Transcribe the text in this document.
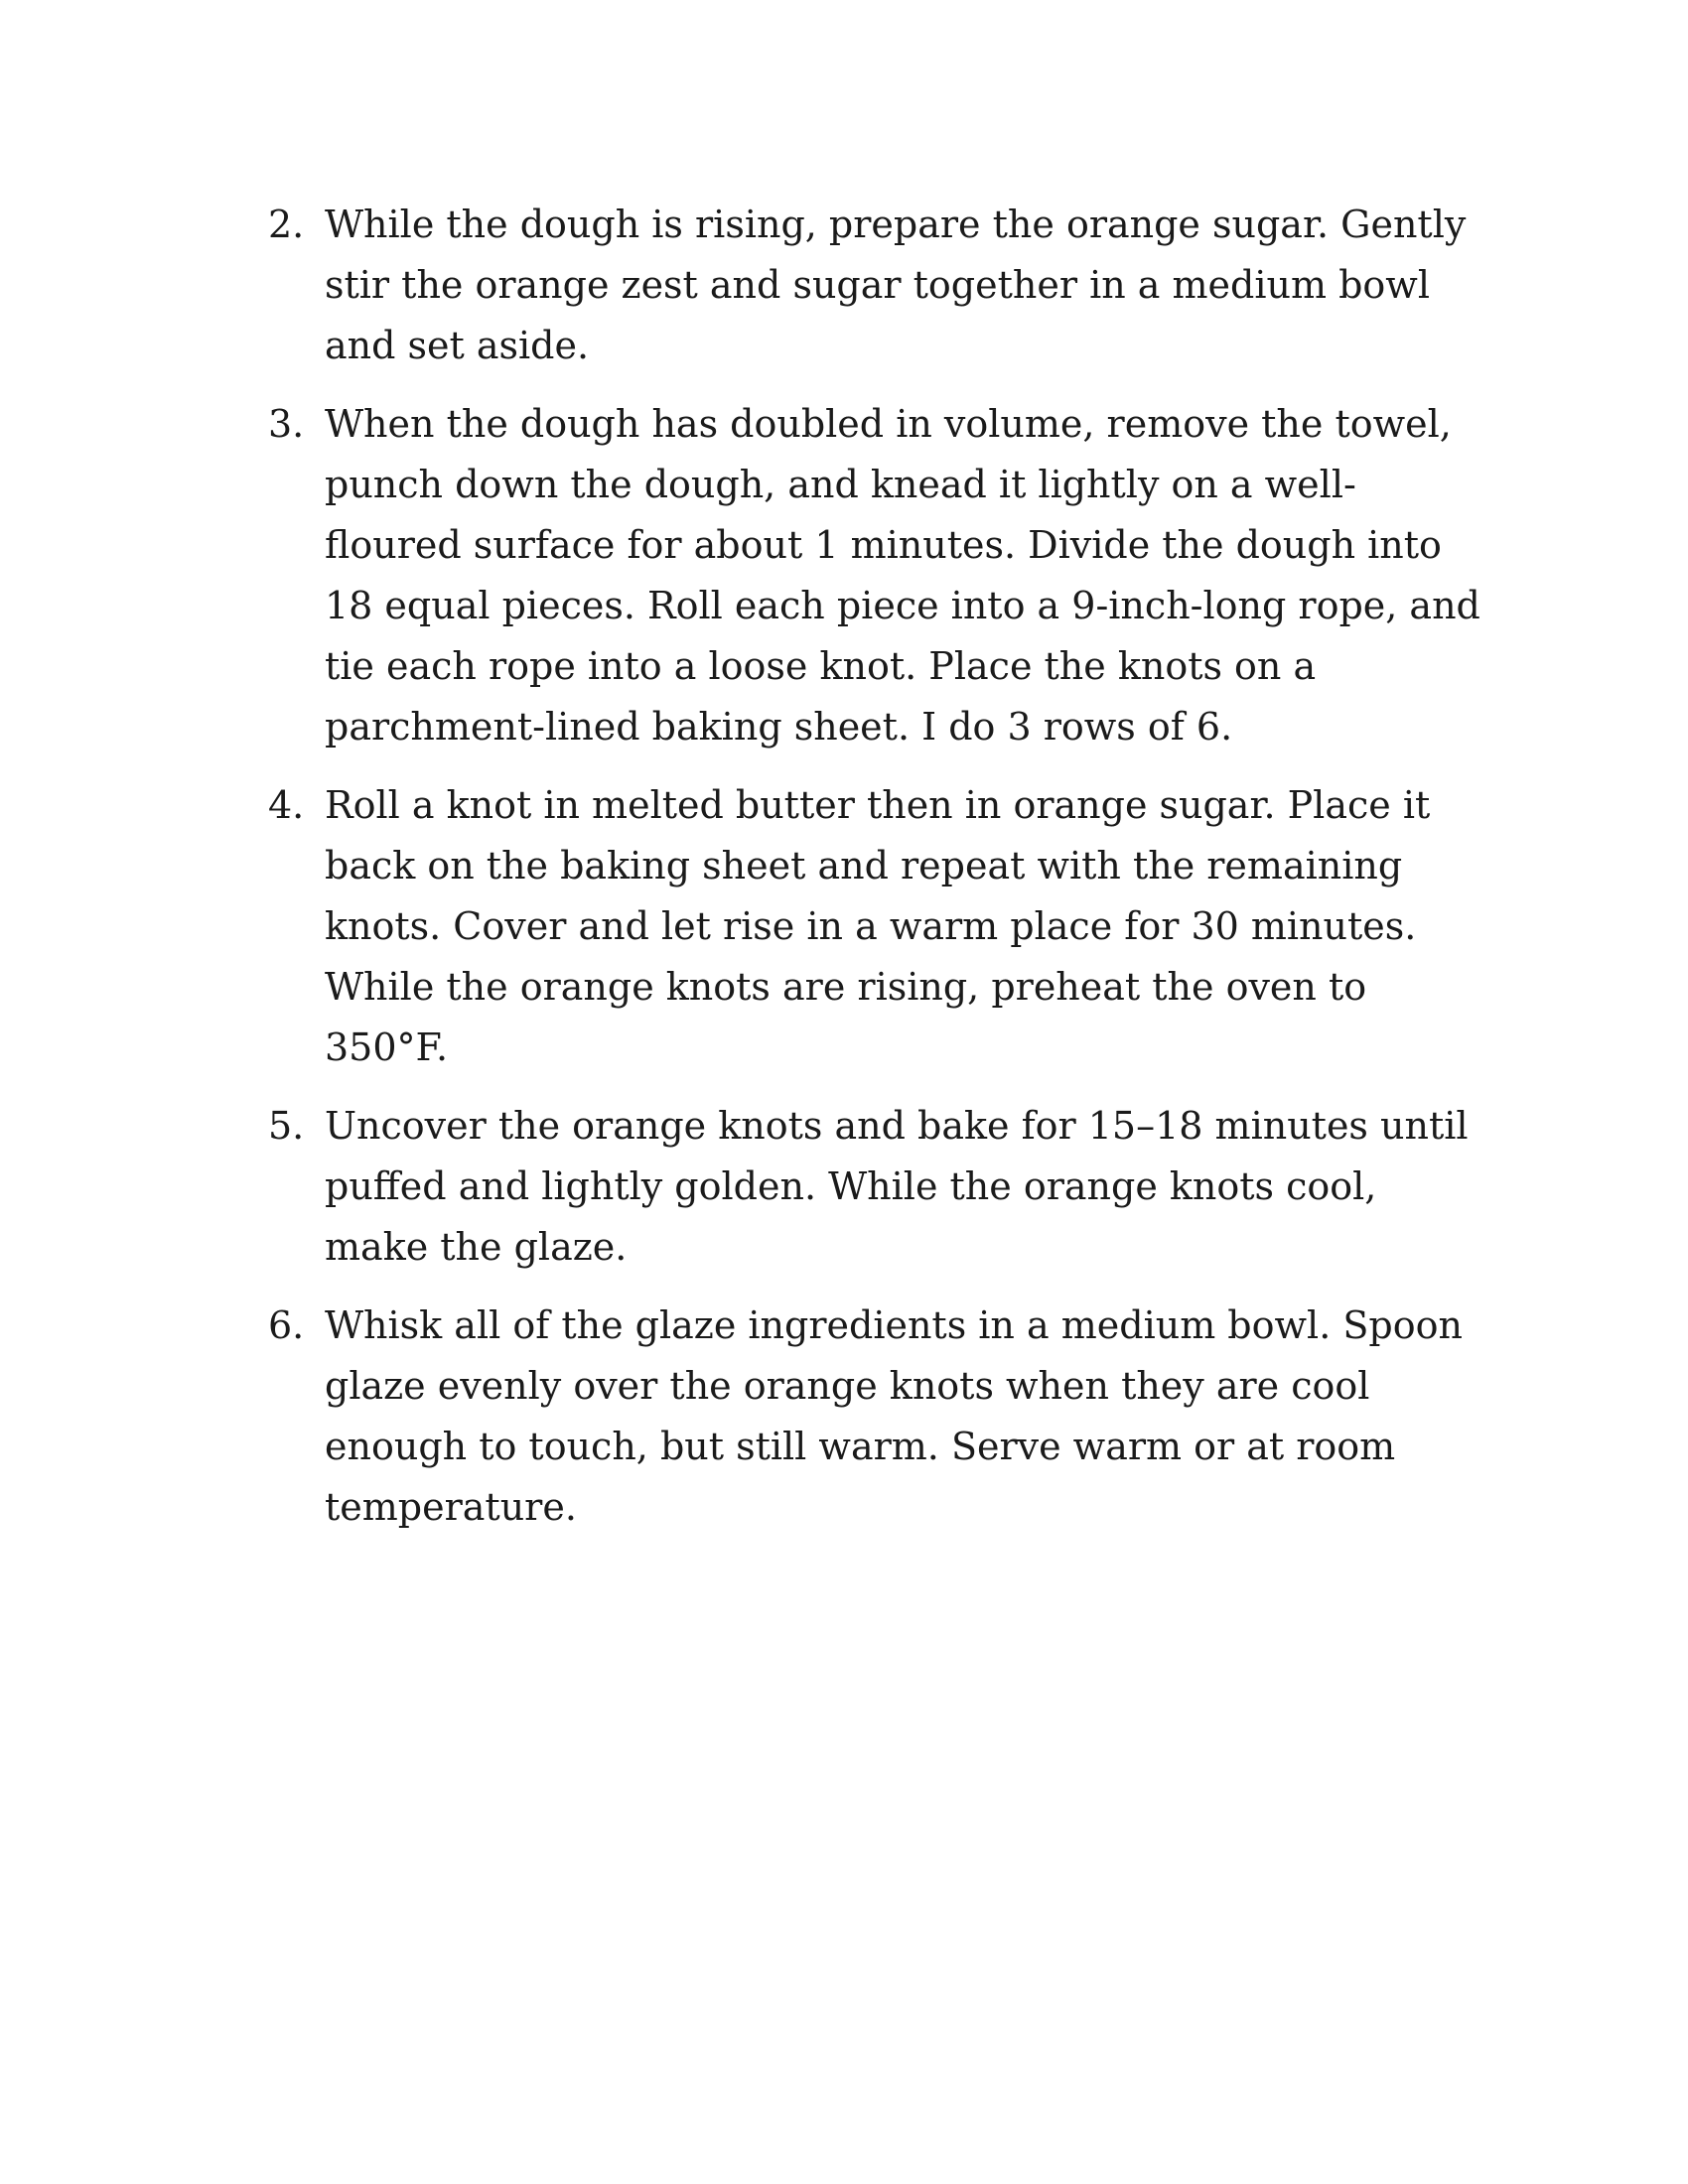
2. While the dough is rising, prepare the orange sugar. Gently stir the orange zest and sugar together in a medium bowl and set aside.
3. When the dough has doubled in volume, remove the towel, punch down the dough, and knead it lightly on a well-floured surface for about 1 minutes. Divide the dough into 18 equal pieces. Roll each piece into a 9-inch-long rope, and tie each rope into a loose knot. Place the knots on a parchment-lined baking sheet. I do 3 rows of 6.
4. Roll a knot in melted butter then in orange sugar. Place it back on the baking sheet and repeat with the remaining knots. Cover and let rise in a warm place for 30 minutes. While the orange knots are rising, preheat the oven to 350°F.
5. Uncover the orange knots and bake for 15–18 minutes until puffed and lightly golden. While the orange knots cool, make the glaze.
6. Whisk all of the glaze ingredients in a medium bowl. Spoon glaze evenly over the orange knots when they are cool enough to touch, but still warm. Serve warm or at room temperature.
